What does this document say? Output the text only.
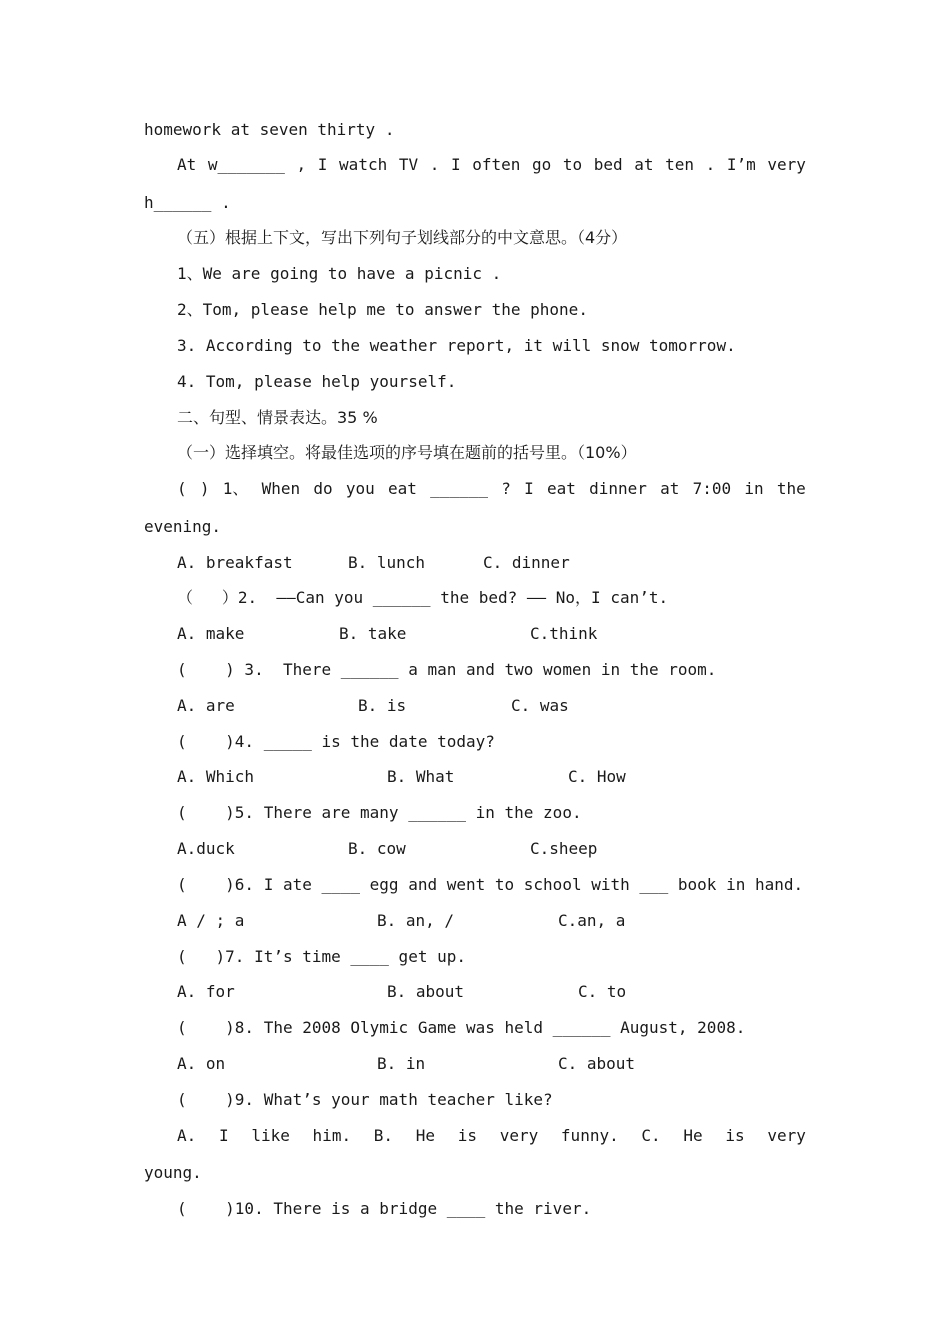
homework at seven thirty .
At w_______ , I watch TV . I often go to bed at ten . I’m very
h______ .
（五）根据上下文，写出下列句子划线部分的中文意思。（4分）
1、We are going to have a picnic .
2、Tom, please help me to answer the phone.
3. According to the weather report, it will snow tomorrow.
4. Tom, please help yourself.
二、句型、情景表达。35 %
（一）选择填空。将最佳选项的序号填在题前的括号里。（10%）
( ) 1、 When do you eat ______ ? I eat dinner at 7:00 in the
evening.
A. breakfast	B. lunch	C. dinner
（   ）2.  ——Can you ______ the bed? —— No，I can’t.
A. make	B. take	C.think
(    ) 3.  There ______ a man and two women in the room.
A. are	B. is	C. was
(    )4. _____ is the date today?
A. Which	B. What	C. How
(    )5. There are many ______ in the zoo.
A.duck	B. cow	C.sheep
(    )6. I ate ____ egg and went to school with ___ book in hand.
A / ; a	B. an, /	C.an, a
(   )7. It’s time ____ get up.
A. for	B. about	C. to
(    )8. The 2008 Olymic Game was held ______ August, 2008.
A. on	B. in	C. about
(    )9. What’s your math teacher like?
A. I like him. B. He is very funny. C. He is very
young.
(    )10. There is a bridge ____ the river.
